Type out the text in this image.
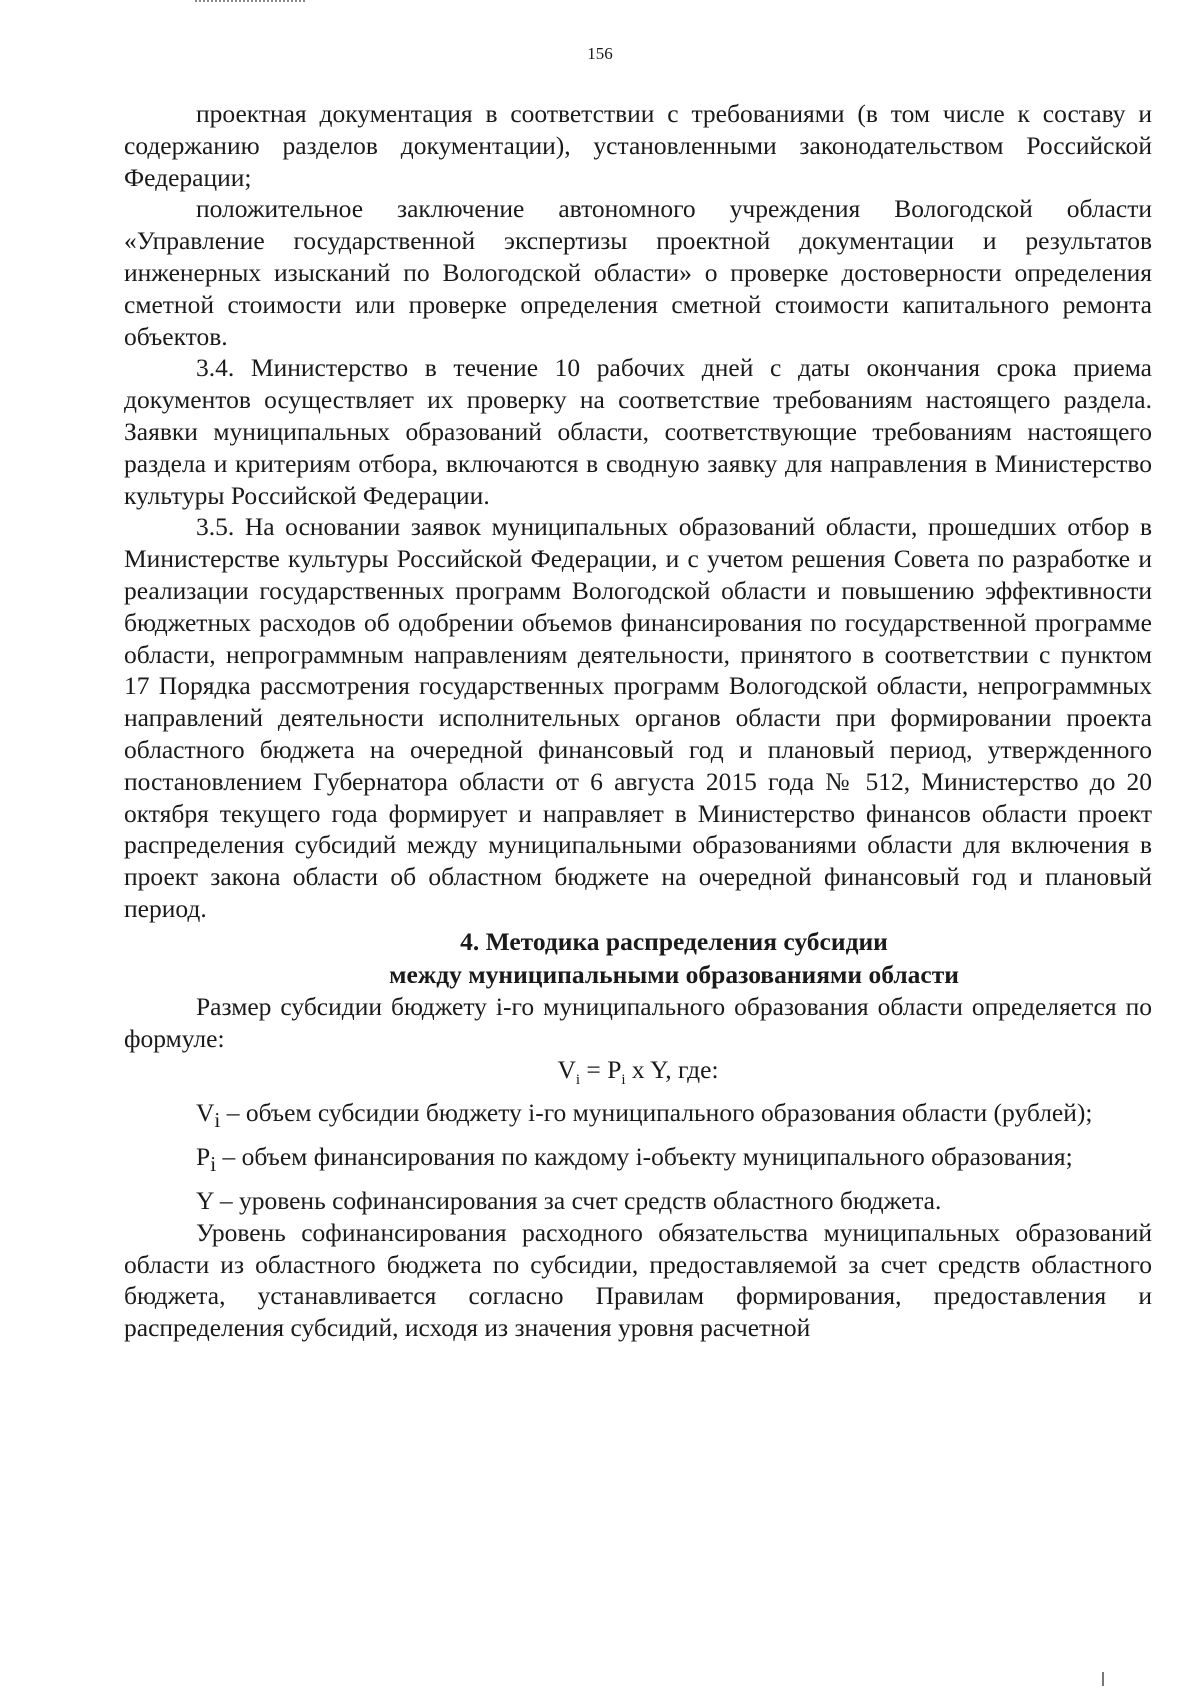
156

проектная документация в соответствии с требованиями (в том числе к составу и содержанию разделов документации), установленными законодательством Российской Федерации;

положительное заключение автономного учреждения Вологодской области «Управление государственной экспертизы проектной документации и результатов инженерных изысканий по Вологодской области» о проверке достоверности определения сметной стоимости или проверке определения сметной стоимости капитального ремонта объектов.

3.4. Министерство в течение 10 рабочих дней с даты окончания срока приема документов осуществляет их проверку на соответствие требованиям настоящего раздела. Заявки муниципальных образований области, соответствующие требованиям настоящего раздела и критериям отбора, включаются в сводную заявку для направления в Министерство культуры Российской Федерации.

3.5. На основании заявок муниципальных образований области, прошедших отбор в Министерстве культуры Российской Федерации, и с учетом решения Совета по разработке и реализации государственных программ Вологодской области и повышению эффективности бюджетных расходов об одобрении объемов финансирования по государственной программе области, непрограммным направлениям деятельности, принятого в соответствии с пунктом 17 Порядка рассмотрения государственных программ Вологодской области, непрограммных направлений деятельности исполнительных органов области при формировании проекта областного бюджета на очередной финансовый год и плановый период, утвержденного постановлением Губернатора области от 6 августа 2015 года № 512, Министерство до 20 октября текущего года формирует и направляет в Министерство финансов области проект распределения субсидий между муниципальными образованиями области для включения в проект закона области об областном бюджете на очередной финансовый год и плановый период.

4. Методика распределения субсидии
между муниципальными образованиями области

Размер субсидии бюджету i-го муниципального образования области определяется по формуле:

$V_i = P_i$ x Y, где:

$V_i$ – объем субсидии бюджету i-го муниципального образования области (рублей);

$P_i$ – объем финансирования по каждому i-объекту муниципального образования;

Y – уровень софинансирования за счет средств областного бюджета.

Уровень софинансирования расходного обязательства муниципальных образований области из областного бюджета по субсидии, предоставляемой за счет средств областного бюджета, устанавливается согласно Правилам формирования, предоставления и распределения субсидий, исходя из значения уровня расчетной
